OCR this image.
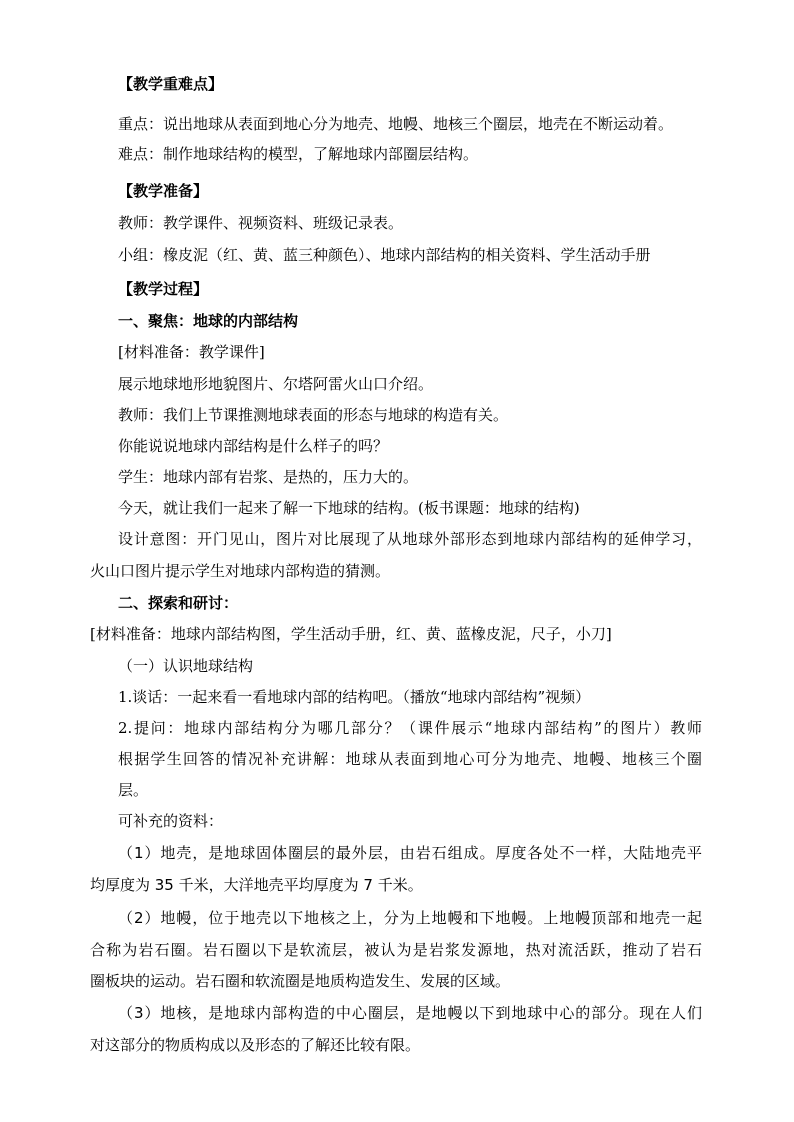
【教学重难点】
重点：说出地球从表面到地心分为地壳、地幔、地核三个圈层，地壳在不断运动着。
难点：制作地球结构的模型，了解地球内部圈层结构。
【教学准备】
教师：教学课件、视频资料、班级记录表。
小组：橡皮泥（红、黄、蓝三种颜色）、地球内部结构的相关资料、学生活动手册
【教学过程】
一、聚焦：地球的内部结构
[材料准备：教学课件]
展示地球地形地貌图片、尔塔阿雷火山口介绍。
教师：我们上节课推测地球表面的形态与地球的构造有关。
你能说说地球内部结构是什么样子的吗？
学生：地球内部有岩浆、是热的，压力大的。
今天，就让我们一起来了解一下地球的结构。(板书课题：地球的结构)
设计意图：开门见山，图片对比展现了从地球外部形态到地球内部结构的延伸学习，
火山口图片提示学生对地球内部构造的猜测。
二、探索和研讨：
[材料准备：地球内部结构图，学生活动手册，红、黄、蓝橡皮泥，尺子，小刀]
（一）认识地球结构
1.谈话：一起来看一看地球内部的结构吧。（播放“地球内部结构”视频）
2.提问：地球内部结构分为哪几部分？（课件展示“地球内部结构”的图片）教师
根据学生回答的情况补充讲解：地球从表面到地心可分为地壳、地幔、地核三个圈
层。
可补充的资料：
（1）地壳，是地球固体圈层的最外层，由岩石组成。厚度各处不一样，大陆地壳平
均厚度为 35 千米，大洋地壳平均厚度为 7 千米。
（2）地幔，位于地壳以下地核之上，分为上地幔和下地幔。上地幔顶部和地壳一起
合称为岩石圈。岩石圈以下是软流层，被认为是岩浆发源地，热对流活跃，推动了岩石
圈板块的运动。岩石圈和软流圈是地质构造发生、发展的区域。
（3）地核，是地球内部构造的中心圈层，是地幔以下到地球中心的部分。现在人们
对这部分的物质构成以及形态的了解还比较有限。
